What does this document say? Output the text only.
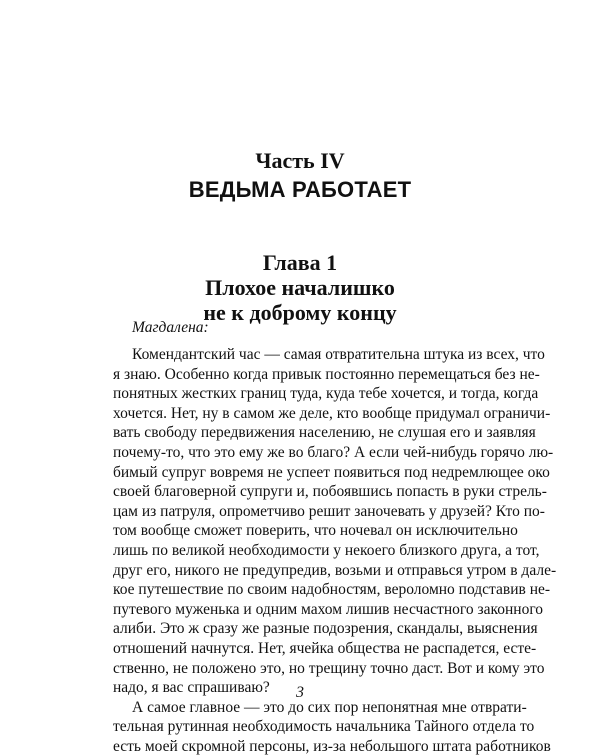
Часть IV
ВЕДЬМА РАБОТАЕТ
Глава 1
Плохое началишко
не к доброму концу
Магдалена:
Комендантский час — самая отвратительна штука из всех, что
я знаю. Особенно когда привык постоянно перемещаться без не-
понятных жестких границ туда, куда тебе хочется, и тогда, когда
хочется. Нет, ну в самом же деле, кто вообще придумал ограничи-
вать свободу передвижения населению, не слушая его и заявляя
почему-то, что это ему же во благо? А если чей-нибудь горячо лю-
бимый супруг вовремя не успеет появиться под недремлющее око
своей благоверной супруги и, побоявшись попасть в руки стрель-
цам из патруля, опрометчиво решит заночевать у друзей? Кто по-
том вообще сможет поверить, что ночевал он исключительно
лишь по великой необходимости у некоего близкого друга, а тот,
друг его, никого не предупредив, возьми и отправься утром в дале-
кое путешествие по своим надобностям, вероломно подставив не-
путевого муженька и одним махом лишив несчастного законного
алиби. Это ж сразу же разные подозрения, скандалы, выяснения
отношений начнутся. Нет, ячейка общества не распадется, есте-
ственно, не положено это, но трещину точно даст. Вот и кому это
надо, я вас спрашиваю?
А самое главное — это до сих пор непонятная мне отврати-
тельная рутинная необходимость начальника Тайного отдела то
есть моей скромной персоны, из-за небольшого штата работников
3
